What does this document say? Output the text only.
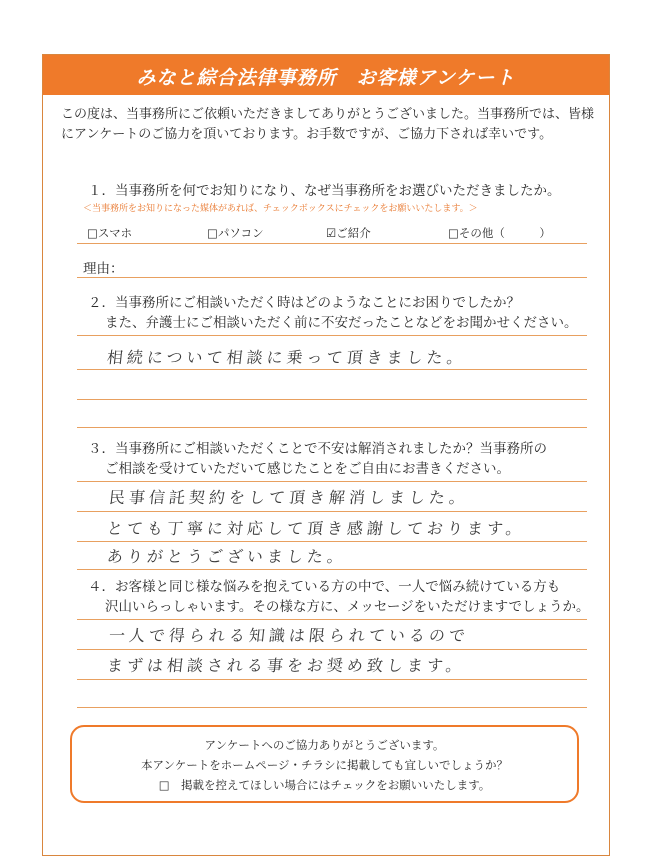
みなと綜合法律事務所　お客様アンケート
この度は、当事務所にご依頼いただきましてありがとうございました。当事務所では、皆様にアンケートのご協力を頂いております。お手数ですが、ご協力下されば幸いです。
１．当事務所を何でお知りになり、なぜ当事務所をお選びいただきましたか。
＜当事務所をお知りになった媒体があれば、チェックボックスにチェックをお願いいたします。＞
□スマホ	□パソコン	☑ご紹介	□その他（　　　）
理由：
２．当事務所にご相談いただく時はどのようなことにお困りでしたか？
また、弁護士にご相談いただく前に不安だったことなどをお聞かせください。
相続について相談に乗って頂きました。
３．当事務所にご相談いただくことで不安は解消されましたか？当事務所の
ご相談を受けていただいて感じたことをご自由にお書きください。
民事信託契約をして頂き解消しました。
とても丁寧に対応して頂き感謝しております。
ありがとうございました。
４．お客様と同じ様な悩みを抱えている方の中で、一人で悩み続けている方も
沢山いらっしゃいます。その様な方に、メッセージをいただけますでしょうか。
一人で得られる知識は限られているので
まずは相談される事をお奨め致します。
アンケートへのご協力ありがとうございます。
本アンケートをホームページ・チラシに掲載しても宜しいでしょうか？
□　掲載を控えてほしい場合にはチェックをお願いいたします。
